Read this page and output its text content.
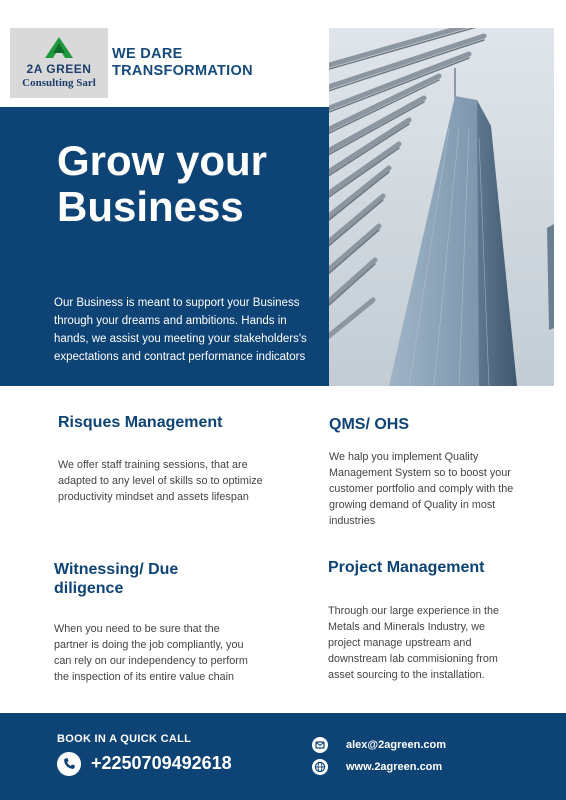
2A GREEN
Consulting Sarl
WE DARE TRANSFORMATION
Grow your Business
Our Business is meant to support your Business through your dreams and ambitions. Hands in hands, we assist you meeting your stakeholders's expectations and contract performance indicators
Risques Management
We offer staff training sessions, that are adapted to any level of skills so to optimize productivity mindset and assets lifespan
QMS/ OHS
We halp you implement Quality Management System so to boost your customer portfolio and comply with the growing demand of Quality in most industries
Witnessing/ Due diligence
When you need to be sure that the partner is doing the job compliantly, you can rely on our independency to perform the inspection of its entire value chain
Project Management
Through our large experience in the Metals and Minerals Industry, we project manage upstream and downstream lab commisioning from asset sourcing to the installation.
BOOK IN A QUICK CALL
+2250709492618
alex@2agreen.com
www.2agreen.com
